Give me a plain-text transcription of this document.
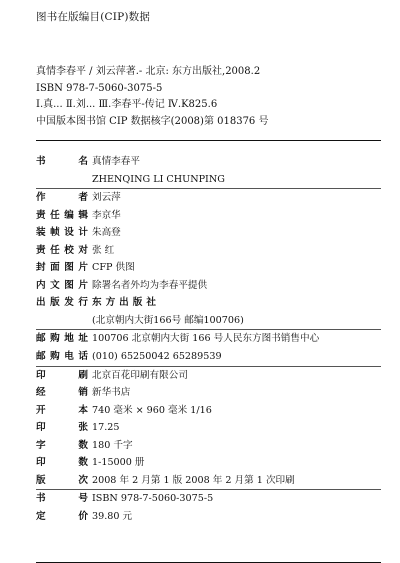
图书在版编目(CIP)数据
真情李春平 / 刘云萍著.- 北京: 东方出版社,2008.2
ISBN 978-7-5060-3075-5
Ⅰ.真... Ⅱ.刘... Ⅲ.李春平-传记 Ⅳ.K825.6
中国版本图书馆 CIP 数据核字(2008)第 018376 号
书 名 真情李春平
ZHENQING LI CHUNPING
作 者 刘云萍
责任编辑 李京华
装帧设计 朱高登
责任校对 张 红
封面图片 CFP 供图
内文图片 除署名者外均为李春平提供
出版发行 东方出版社
(北京朝内大街166号 邮编100706)
邮购地址 100706 北京朝内大街 166 号人民东方图书销售中心
邮购电话 (010) 65250042 65289539
印 刷 北京百花印刷有限公司
经 销 新华书店
开 本 740 毫米 × 960 毫米 1/16
印 张 17.25
字 数 180 千字
印 数 1-15000 册
版 次 2008 年 2 月第 1 版 2008 年 2 月第 1 次印刷
书 号 ISBN 978-7-5060-3075-5
定 价 39.80 元
